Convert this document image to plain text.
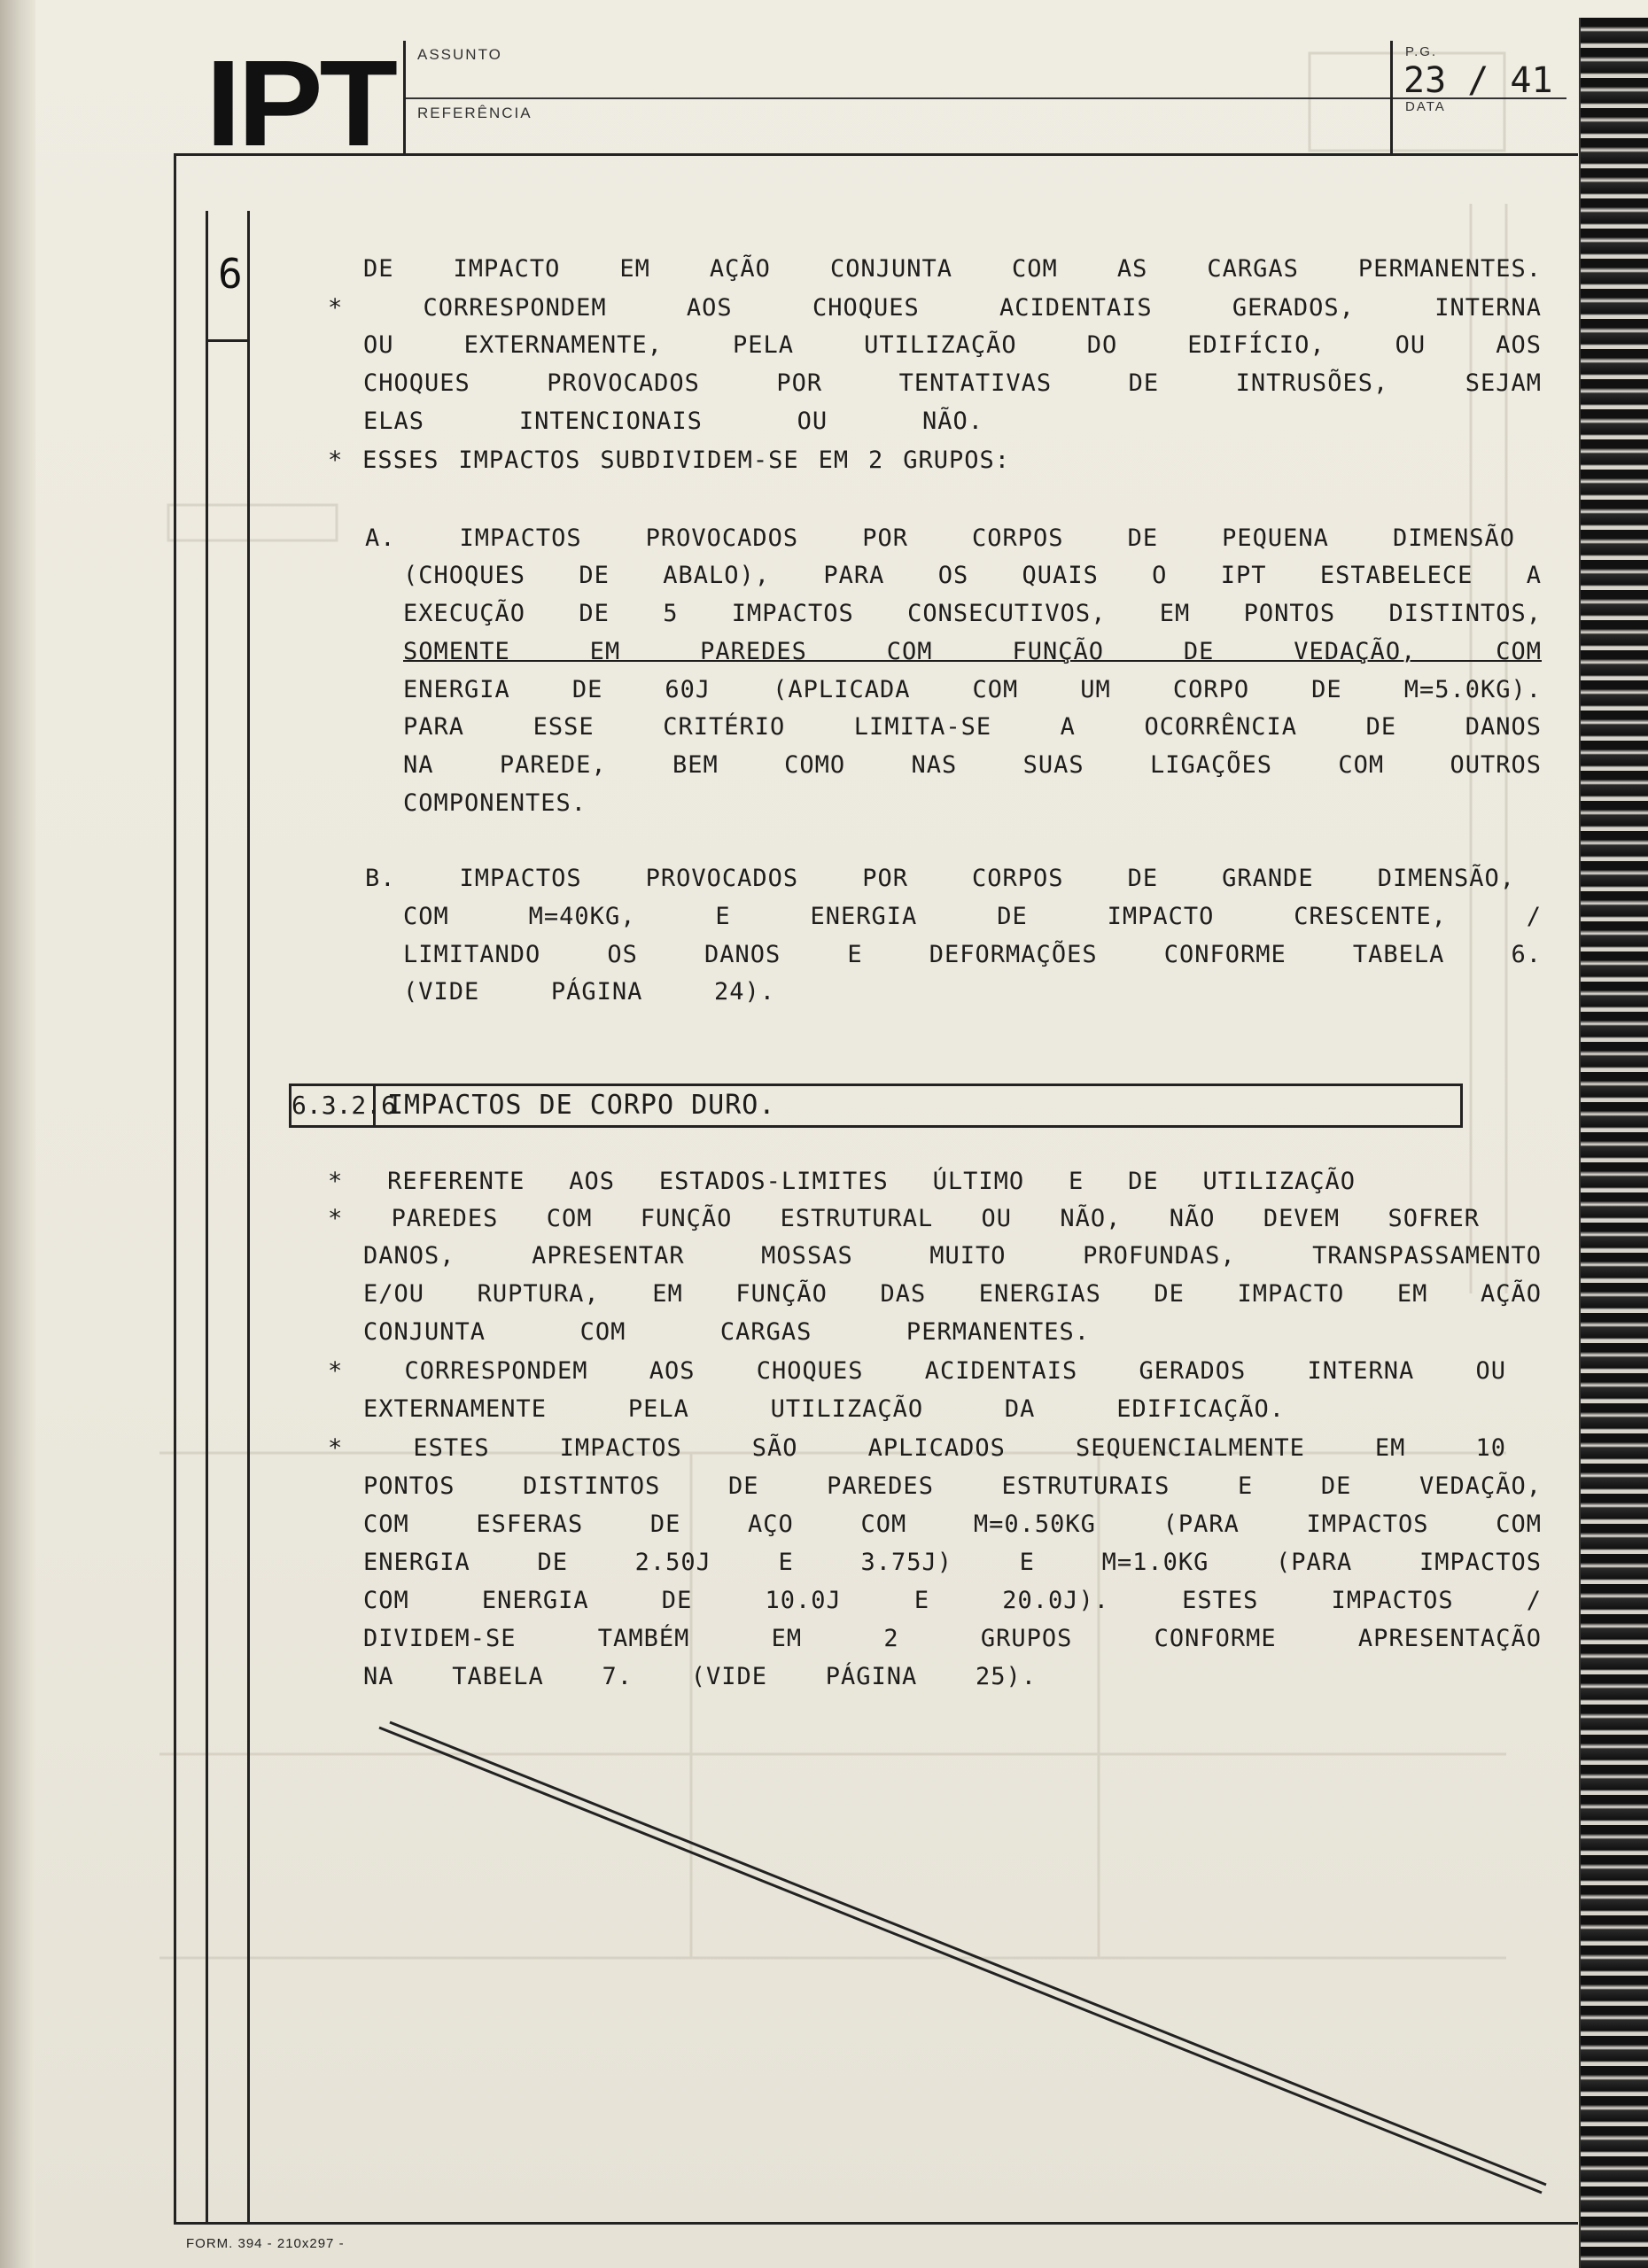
IPT ASSUNTO
REFERÊNCIA
P.G.
23 / 41
DATA
6	DE IMPACTO EM AÇÃO CONJUNTA COM AS CARGAS PERMANENTES.
* CORRESPONDEM AOS CHOQUES ACIDENTAIS GERADOS, INTERNA
OU EXTERNAMENTE, PELA UTILIZAÇÃO DO EDIFÍCIO, OU AOS
CHOQUES PROVOCADOS POR TENTATIVAS DE INTRUSÕES, SEJAM
ELAS INTENCIONAIS OU NÃO.
* ESSES IMPACTOS SUBDIVIDEM-SE EM 2 GRUPOS:
A. IMPACTOS PROVOCADOS POR CORPOS DE PEQUENA DIMENSÃO
(CHOQUES DE ABALO), PARA OS QUAIS O IPT ESTABELECE A
EXECUÇÃO DE 5 IMPACTOS CONSECUTIVOS, EM PONTOS DISTINTOS,
SOMENTE EM PAREDES COM FUNÇÃO DE VEDAÇÃO, COM
ENERGIA DE 60J (APLICADA COM UM CORPO DE M=5.0KG).
PARA ESSE CRITÉRIO LIMITA-SE A OCORRÊNCIA DE DANOS
NA PAREDE, BEM COMO NAS SUAS LIGAÇÕES COM OUTROS
COMPONENTES.
B. IMPACTOS PROVOCADOS POR CORPOS DE GRANDE DIMENSÃO,
COM M=40KG, E ENERGIA DE IMPACTO CRESCENTE, /
LIMITANDO OS DANOS E DEFORMAÇÕES CONFORME TABELA 6.
(VIDE PÁGINA 24).
6.3.2.6
IMPACTOS DE CORPO DURO.
* REFERENTE AOS ESTADOS-LIMITES ÚLTIMO E DE UTILIZAÇÃO
* PAREDES COM FUNÇÃO ESTRUTURAL OU NÃO, NÃO DEVEM SOFRER
DANOS, APRESENTAR MOSSAS MUITO PROFUNDAS, TRANSPASSAMENTO
E/OU RUPTURA, EM FUNÇÃO DAS ENERGIAS DE IMPACTO EM AÇÃO
CONJUNTA COM CARGAS PERMANENTES.
* CORRESPONDEM AOS CHOQUES ACIDENTAIS GERADOS INTERNA OU
EXTERNAMENTE PELA UTILIZAÇÃO DA EDIFICAÇÃO.
* ESTES IMPACTOS SÃO APLICADOS SEQUENCIALMENTE EM 10
PONTOS DISTINTOS DE PAREDES ESTRUTURAIS E DE VEDAÇÃO,
COM ESFERAS DE AÇO COM M=0.50KG (PARA IMPACTOS COM
ENERGIA DE 2.50J E 3.75J) E M=1.0KG (PARA IMPACTOS
COM ENERGIA DE 10.0J E 20.0J). ESTES IMPACTOS /
DIVIDEM-SE TAMBÉM EM 2 GRUPOS CONFORME APRESENTAÇÃO
NA TABELA 7. (VIDE PÁGINA 25).
FORM. 394 - 210x297 -
